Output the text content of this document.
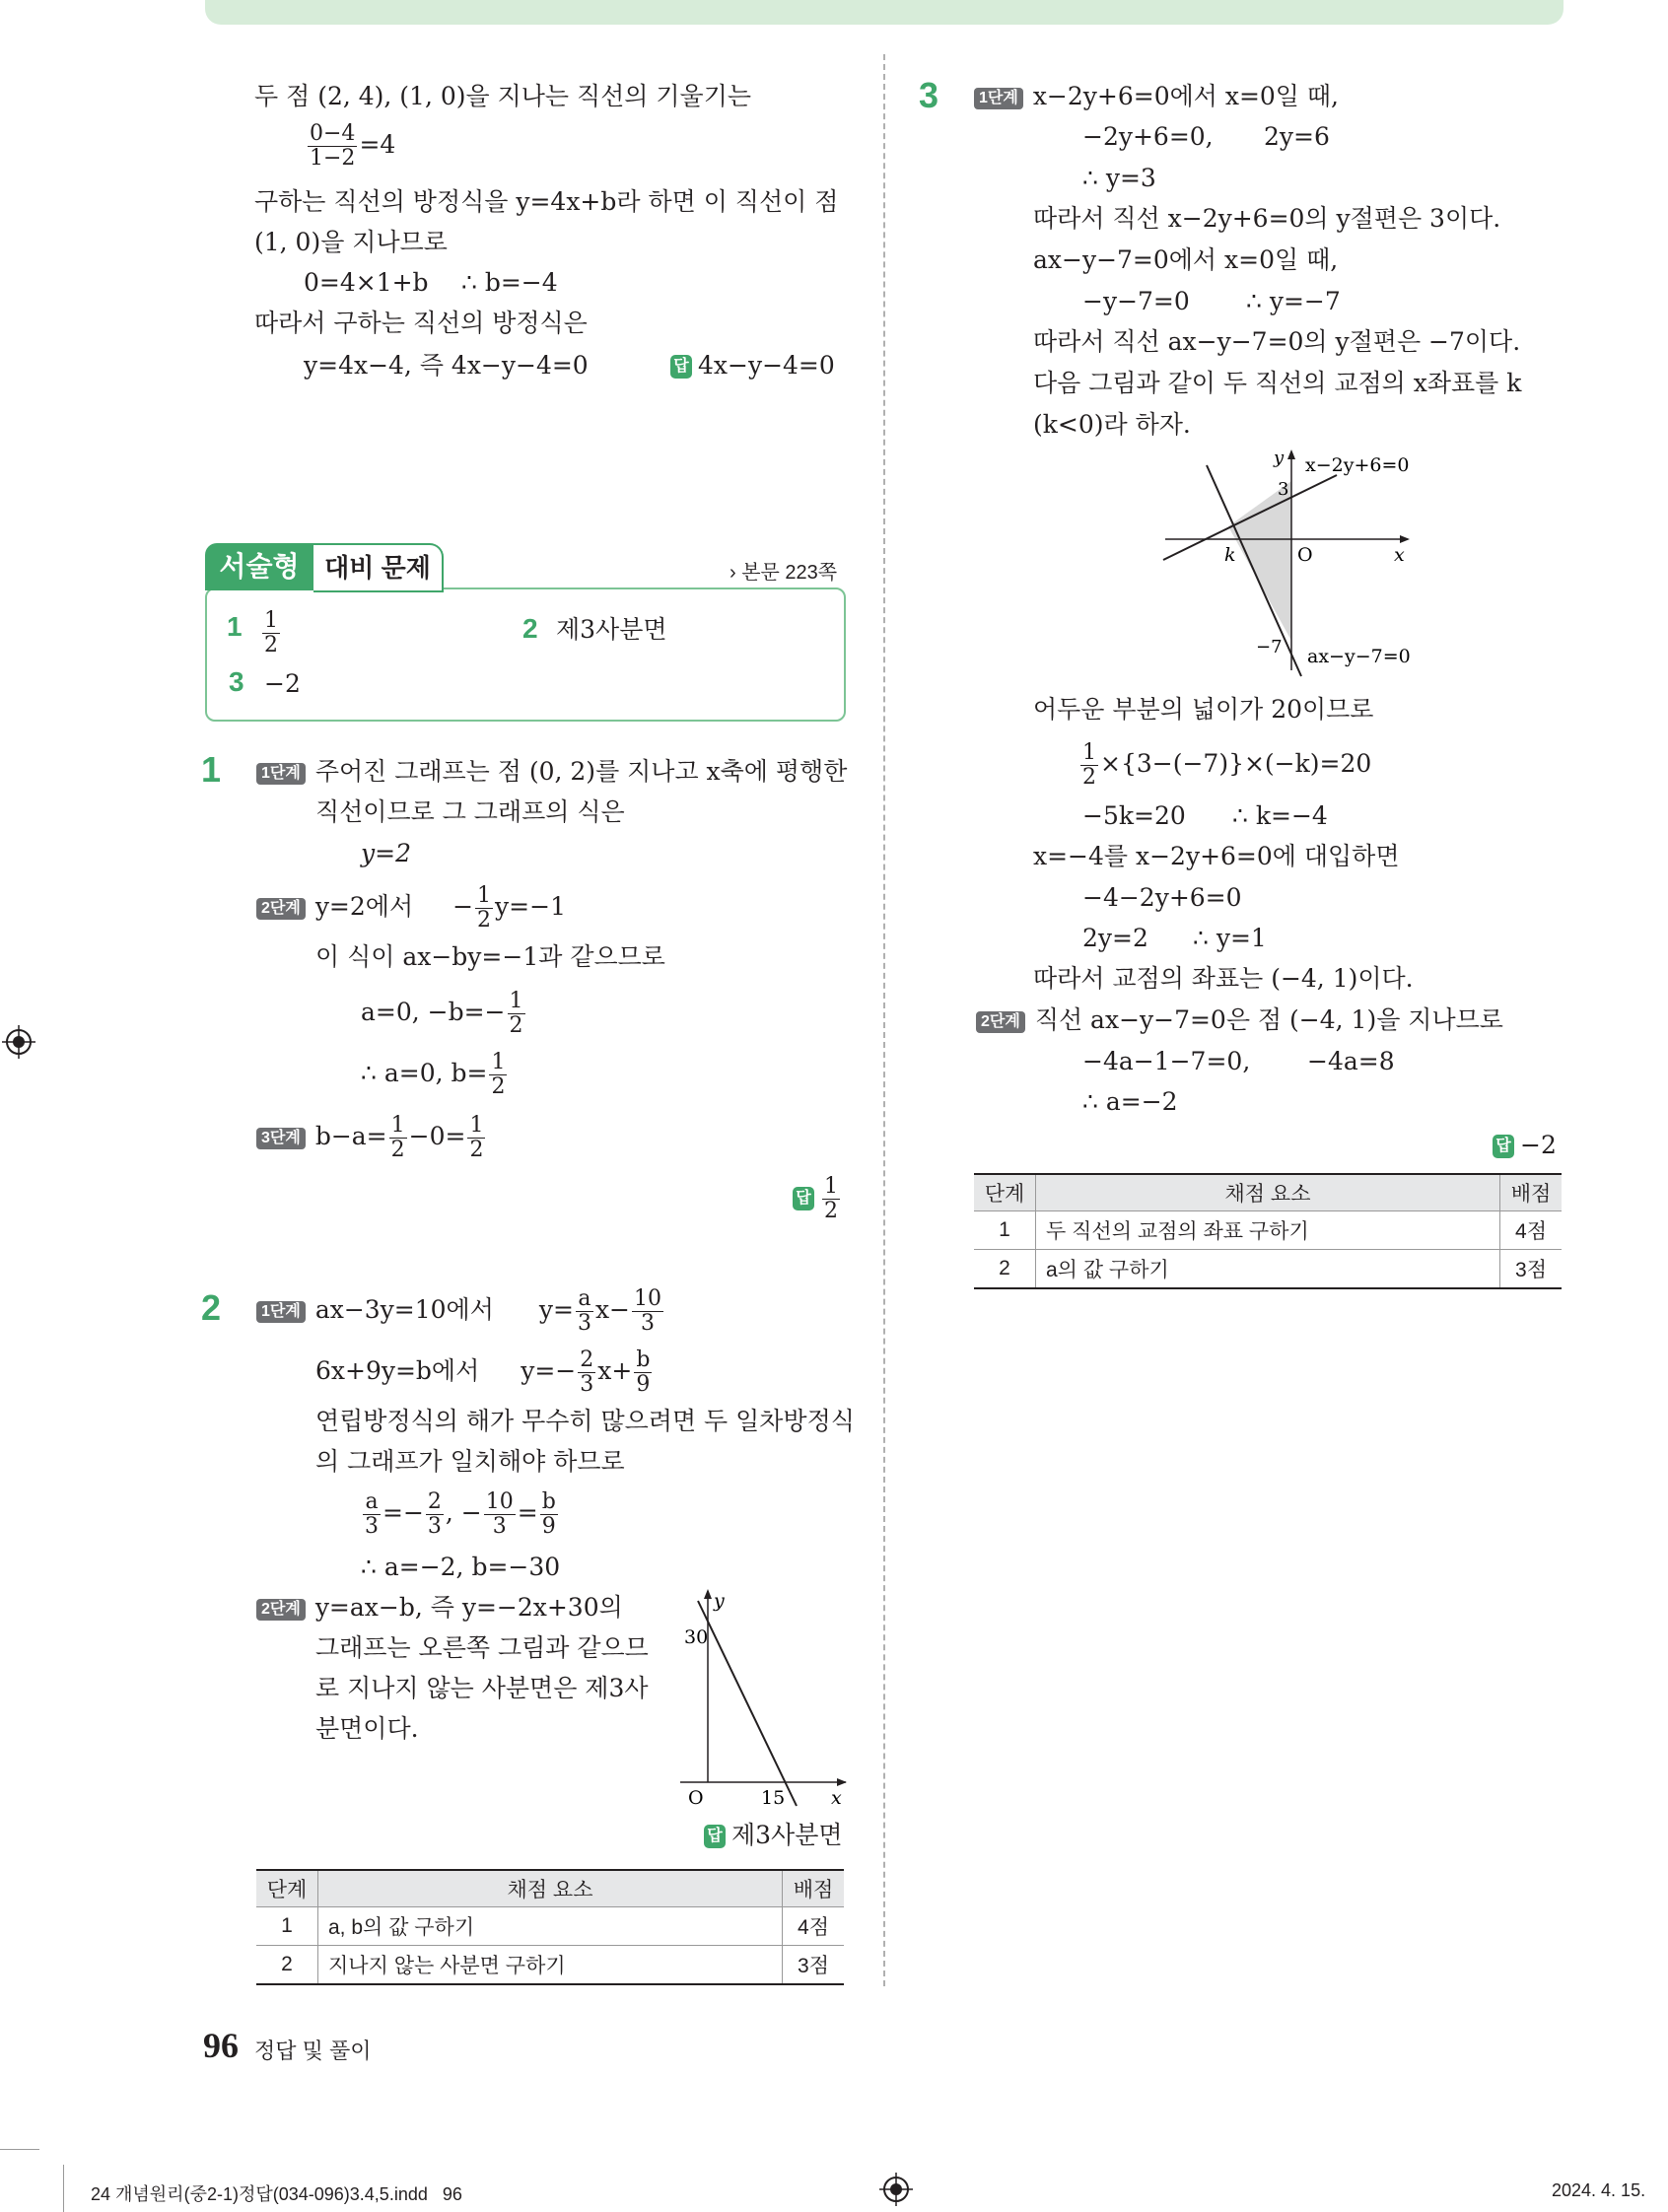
두 점 (2, 4), (1, 0)을 지나는 직선의 기울기는
$\frac{0-4}{1-2} =4$
구하는 직선의 방정식을 y=4x+b라 하면 이 직선이 점
(1, 0)을 지나므로
0=4×1+b ∴ b=−4
따라서 구하는 직선의 방정식은
y=4x−4, 즉 4x−y−4=0	답 4x−y−4=0
서술형 대비 문제	› 본문 223쪽
$1 \frac{1}{2}$	2 제3사분면
3 −2
1	1단계 주어진 그래프는 점 (0, 2)를 지나고 x축에 평행한
직선이므로 그 그래프의 식은
y=2
2단계 y=2에서 − $\frac{1}{2} y=-1$
이 식이 ax−by=−1과 같으므로
a=0, $-b=- \frac{1}{2}$
∴ a=0, $b= \frac{1}{2}$
3단계 $b-a= \frac{1}{2} -0= \frac{1}{2}$
답 $\frac{1}{2}$
2	1단계 ax−3y=10에서 $y= \frac{a}{3} x- \frac{10}{3}$
6x+9y=b에서 $y=- \frac{2}{3} x+ \frac{b}{9}$
연립방정식의 해가 무수히 많으려면 두 일차방정식
의 그래프가 일치해야 하므로
$\frac{a}{3} =- \frac{2}{3}$ , − $\frac{10}{3} = \frac{b}{9}$
∴ a=−2, b=−30
2단계 y=ax−b, 즉 y=−2x+30의
그래프는 오른쪽 그림과 같으므
로 지나지 않는 사분면은 제3사
분면이다.
y
30
O	15 x
답 제3사분면
단계	채점 요소	배점
1	a, b의 값 구하기	4점
2	지나지 않는 사분면 구하기	3점
3	1단계 x−2y+6=0에서 x=0일 때,
−2y+6=0, 2y=6
∴ y=3
따라서 직선 x−2y+6=0의 y절편은 3이다.
ax−y−7=0에서 x=0일 때,
−y−7=0 ∴ y=−7
따라서 직선 ax−y−7=0의 y절편은 −7이다.
다음 그림과 같이 두 직선의 교점의 x좌표를 k
(k<0)라 하자.
y x−2y+6=0
3
k	O	x
−7 ax−y−7=0
어두운 부분의 넓이가 20이므로
$\frac{1}{2} \times\{3-(-7)\}\times(-k)=20$
−5k=20 ∴ k=−4
x=−4를 x−2y+6=0에 대입하면
−4−2y+6=0
2y=2 ∴ y=1
따라서 교점의 좌표는 (−4, 1)이다.
2단계 직선 ax−y−7=0은 점 (−4, 1)을 지나므로
−4a−1−7=0, −4a=8
∴ a=−2
답 −2
단계	채점 요소	배점
1	두 직선의 교점의 좌표 구하기	4점
2	a의 값 구하기	3점
96 정답 및 풀이
24 개념원리(중2-1)정답(034-096)3.4,5.indd   96	2024. 4. 15.
